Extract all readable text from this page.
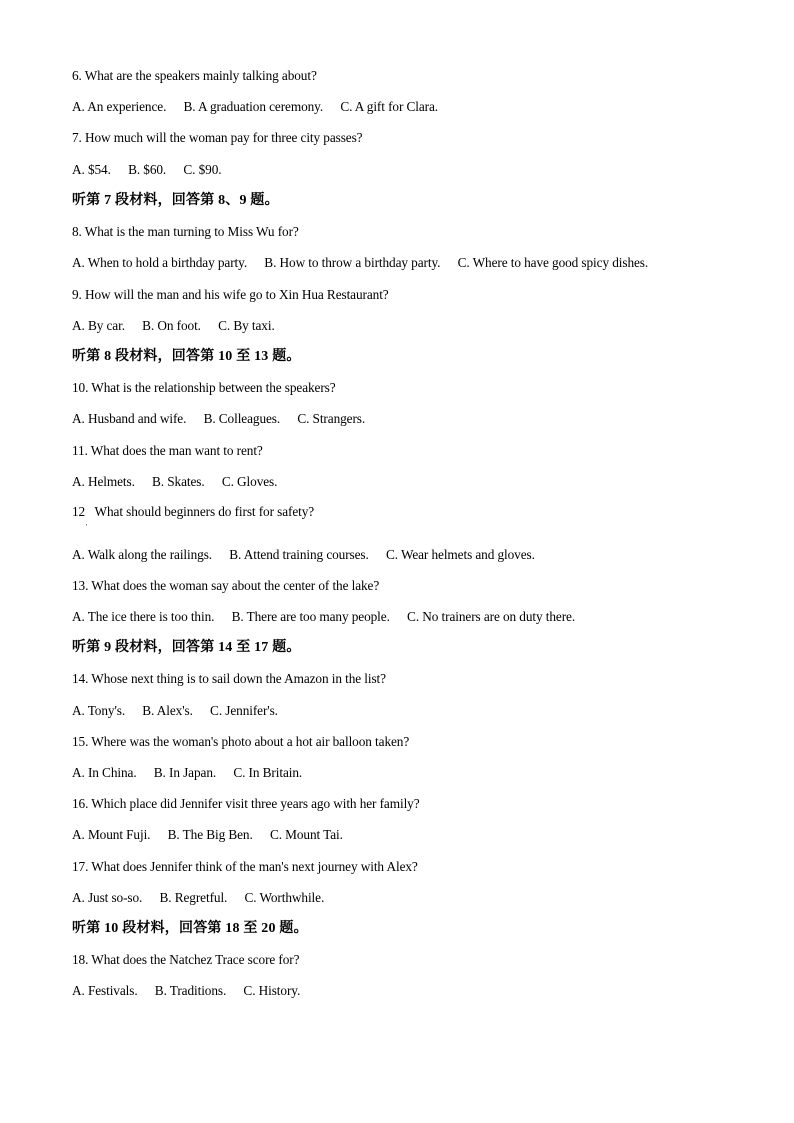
6. What are the speakers mainly talking about?
A. An experience. B. A graduation ceremony. C. A gift for Clara.
7. How much will the woman pay for three city passes?
A. $54. B. $60. C. $90.
听第 7 段材料，回答第 8、9 题。
8. What is the man turning to Miss Wu for?
A. When to hold a birthday party. B. How to throw a birthday party. C. Where to have good spicy dishes.
9. How will the man and his wife go to Xin Hua Restaurant?
A. By car. B. On foot. C. By taxi.
听第 8 段材料，回答第 10 至 13 题。
10. What is the relationship between the speakers?
A. Husband and wife. B. Colleagues. C. Strangers.
11. What does the man want to rent?
A. Helmets. B. Skates. C. Gloves.
12   What should beginners do first for safety?
'
A. Walk along the railings. B. Attend training courses. C. Wear helmets and gloves.
13. What does the woman say about the center of the lake?
A. The ice there is too thin. B. There are too many people. C. No trainers are on duty there.
听第 9 段材料，回答第 14 至 17 题。
14. Whose next thing is to sail down the Amazon in the list?
A. Tony's. B. Alex's. C. Jennifer's.
15. Where was the woman's photo about a hot air balloon taken?
A. In China. B. In Japan. C. In Britain.
16. Which place did Jennifer visit three years ago with her family?
A. Mount Fuji. B. The Big Ben. C. Mount Tai.
17. What does Jennifer think of the man's next journey with Alex?
A. Just so-so. B. Regretful. C. Worthwhile.
听第 10 段材料，回答第 18 至 20 题。
18. What does the Natchez Trace score for?
A. Festivals. B. Traditions. C. History.
